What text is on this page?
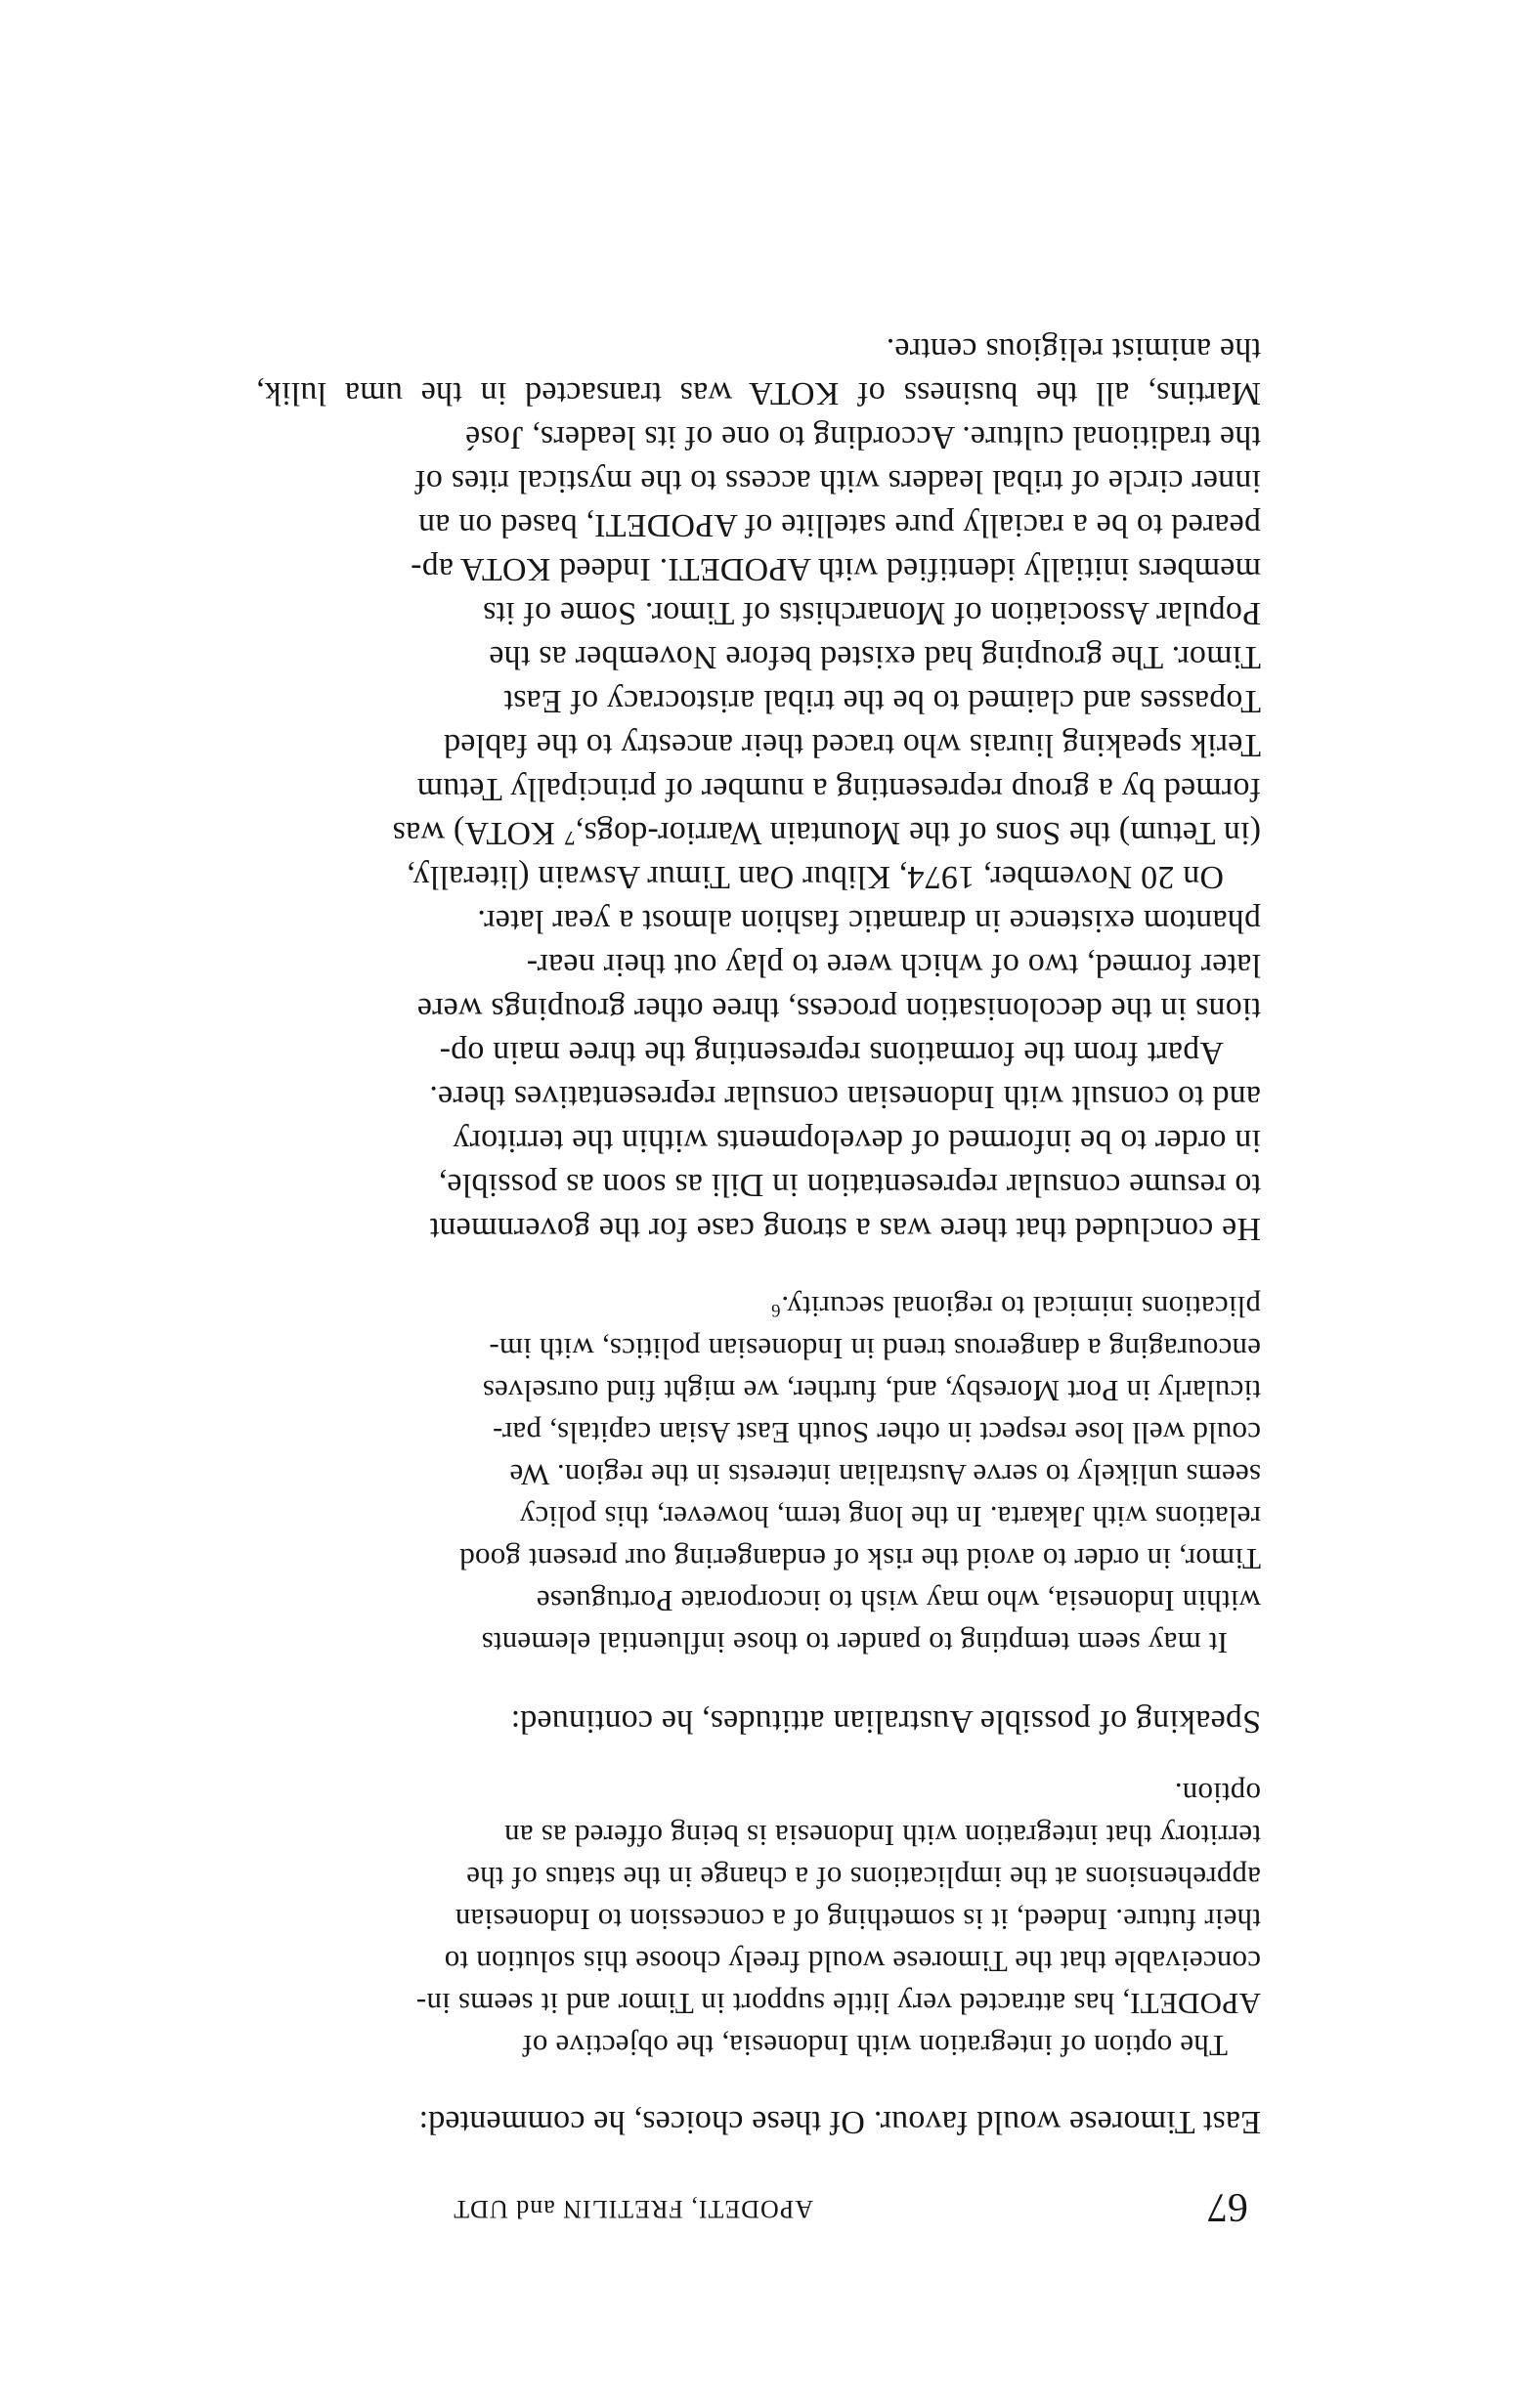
67
APODETI, FRETILIN and UDT
East Timorese would favour. Of these choices, he commented:
The option of integration with Indonesia, the objective of
APODETI, has attracted very little support in Timor and it seems in-
conceivable that the Timorese would freely choose this solution to
their future. Indeed, it is something of a concession to Indonesian
apprehensions at the implications of a change in the status of the
territory that integration with Indonesia is being offered as an
option.
Speaking of possible Australian attitudes, he continued:
It may seem tempting to pander to those influential elements
within Indonesia, who may wish to incorporate Portuguese
Timor, in order to avoid the risk of endangering our present good
relations with Jakarta. In the long term, however, this policy
seems unlikely to serve Australian interests in the region. We
could well lose respect in other South East Asian capitals, par-
ticularly in Port Moresby, and, further, we might find ourselves
encouraging a dangerous trend in Indonesian politics, with im-
plications inimical to regional security.⁶
He concluded that there was a strong case for the government
to resume consular representation in Dili as soon as possible,
in order to be informed of developments within the territory
and to consult with Indonesian consular representatives there.
Apart from the formations representing the three main op-
tions in the decolonisation process, three other groupings were
later formed, two of which were to play out their near-
phantom existence in dramatic fashion almost a year later.
On 20 November, 1974, Klibur Oan Timur Aswain (literally,
(in Tetum) the Sons of the Mountain Warrior-dogs,⁷ KOTA) was
formed by a group representing a number of principally Tetum
Terik speaking liurais who traced their ancestry to the fabled
Topasses and claimed to be the tribal aristocracy of East
Timor. The grouping had existed before November as the
Popular Association of Monarchists of Timor. Some of its
members initially identified with APODETI. Indeed KOTA ap-
peared to be a racially pure satellite of APODETI, based on an
inner circle of tribal leaders with access to the mystical rites of
the traditional culture. According to one of its leaders, José
Martins, all the business of KOTA was transacted in the uma lulik,
the animist religious centre.
